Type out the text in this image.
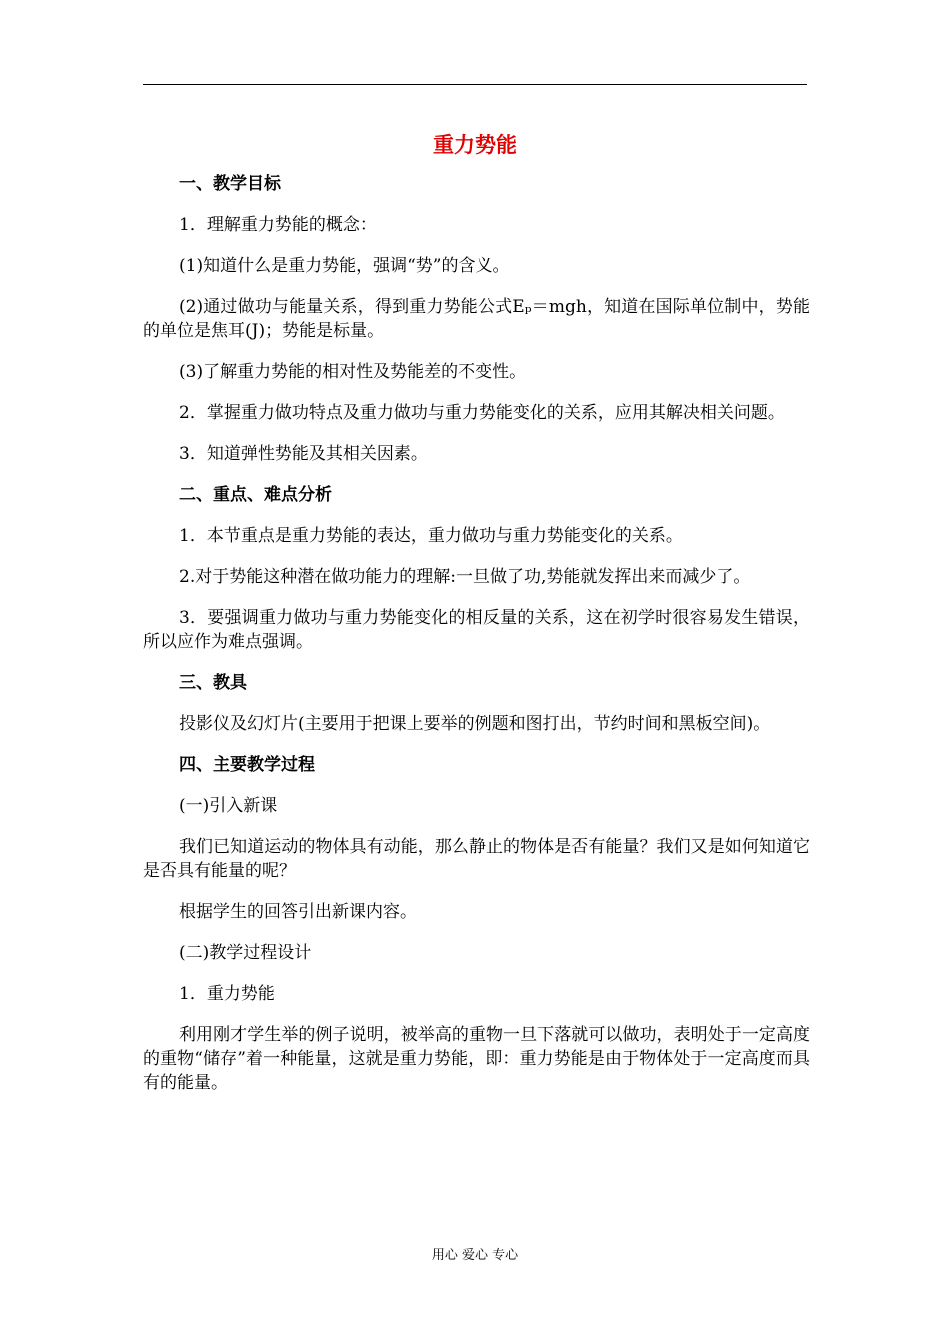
重力势能
一、教学目标
1．理解重力势能的概念：
(1)知道什么是重力势能，强调“势”的含义。
(2)通过做功与能量关系，得到重力势能公式Eₚ＝mgh，知道在国际单位制中，势能的单位是焦耳(J)；势能是标量。
(3)了解重力势能的相对性及势能差的不变性。
2．掌握重力做功特点及重力做功与重力势能变化的关系，应用其解决相关问题。
3．知道弹性势能及其相关因素。
二、重点、难点分析
1．本节重点是重力势能的表达，重力做功与重力势能变化的关系。
2.对于势能这种潜在做功能力的理解:一旦做了功,势能就发挥出来而减少了。
3．要强调重力做功与重力势能变化的相反量的关系，这在初学时很容易发生错误，所以应作为难点强调。
三、教具
投影仪及幻灯片(主要用于把课上要举的例题和图打出，节约时间和黑板空间)。
四、主要教学过程
(一)引入新课
我们已知道运动的物体具有动能，那么静止的物体是否有能量？我们又是如何知道它是否具有能量的呢？
根据学生的回答引出新课内容。
(二)教学过程设计
1．重力势能
利用刚才学生举的例子说明，被举高的重物一旦下落就可以做功，表明处于一定高度的重物“储存”着一种能量，这就是重力势能，即：重力势能是由于物体处于一定高度而具有的能量。
用心 爱心 专心
